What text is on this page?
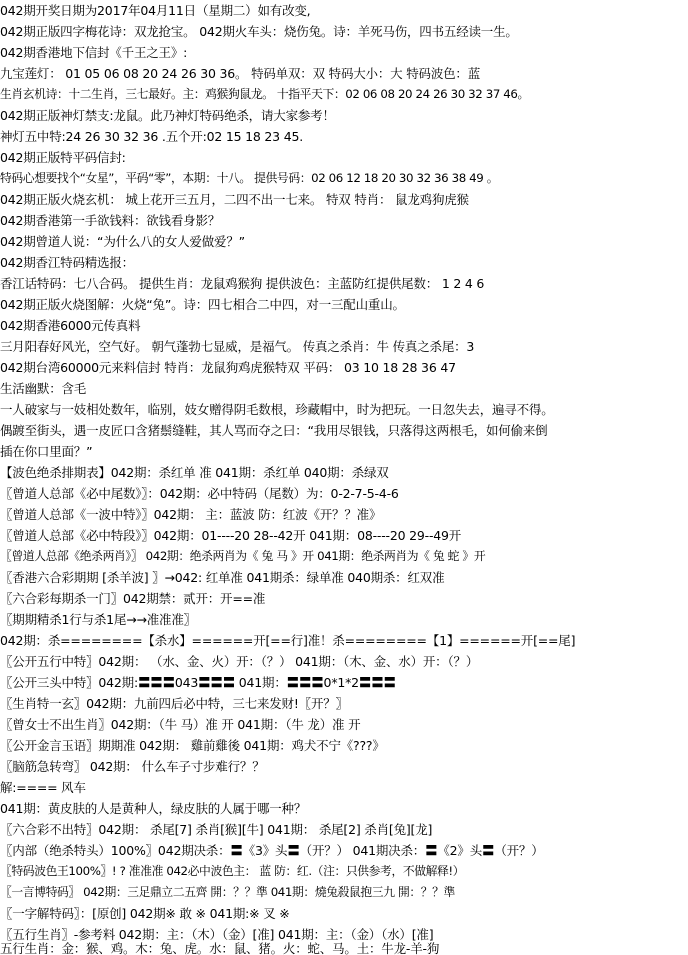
042期开奖日期为2017年04月11日（星期二）如有改变,
042期正版四字梅花诗：双龙抢宝。 042期火车头：烧伤兔。诗：羊死马伤，四书五经读一生。
042期香港地下信封《千王之王》:
九宝莲灯： 01 05 06 08 20 24 26 30 36。 特码单双：双 特码大小：大 特码波色：蓝
生肖玄机诗：十二生肖，三七最好。主：鸡猴狗鼠龙。 十指平天下：02 06 08 20 24 26 30 32 37 46。
042期正版神灯禁支:龙鼠。此乃神灯特码绝杀，请大家参考！
神灯五中特:24 26 30 32 36 .五个开:02 15 18 23 45.
042期正版特平码信封:
特码心想要找个“女星”，平码“零”，本期：十八。 提供号码：02 06 12 18 20 30 32 36 38 49 。
042期正版火烧玄机： 城上花开三五月，二四不出一七来。 特双 特肖： 鼠龙鸡狗虎猴
042期香港第一手欲钱料：欲钱看身影？
042期曾道人说：“为什么八的女人爱做爱？”
042期香江特码精选报：
香江话特码：七八合码。 提供生肖：龙鼠鸡猴狗 提供波色：主蓝防红提供尾数： 1 2 4 6
042期正版火烧图解：火烧“兔”。诗：四七相合二中四，对一三配山重山。
042期香港6000元传真料
三月阳春好风光，空气好。 朝气蓬勃七显威，是福气。 传真之杀肖：牛 传真之杀尾：3
042期台湾60000元来料信封 特肖：龙鼠狗鸡虎猴特双 平码： 03 10 18 28 36 47
生活幽默：含毛
一人破家与一妓相处数年，临别，妓女赠得阴毛数根，珍藏帽中，时为把玩。一日忽失去，遍寻不得。
偶踱至街头，遇一皮匠口含猪鬃缝鞋，其人骂而夺之曰：“我用尽银钱，只落得这两根毛，如何偷来倒
插在你口里面？”
【波色绝杀排期表】042期：杀红单 准 041期：杀红单 040期：杀绿双
〖曾道人总部《必中尾数》〗：042期：必中特码（尾数）为：0-2-7-5-4-6
〖曾道人总部《一波中特》〗042期： 主：蓝波 防：红波《开？？准》
〖曾道人总部《必中特段》〗042期：01----20 28--42开 041期：08----20 29--49开
〖曾道人总部《绝杀两肖》〗 042期：绝杀两肖为《 兔 马 》开 041期：绝杀两肖为《 兔 蛇 》开
〖香港六合彩期期 [杀羊波] 〗→042: 红单准 041期杀：绿单准 040期杀：红双准
〖六合彩每期杀一门〗042期禁：贰开：开==准
〖期期精杀1行与杀1尾→→准准准〗
042期：杀========【杀水】======开[==行]准！杀========【1】======开[==尾]
〖公开五行中特〗042期： （水、金、火）开：（？） 041期：（木、金、水）开：（？）
〖公开三头中特〗042期:〓〓〓043〓〓〓 041期：〓〓〓0*1*2〓〓〓
〖生肖特一玄〗042期：九前四后必中特，三七来发财!〖开？〗
〖曾女士不出生肖〗042期：（牛 马）准 开 041期：（牛 龙）准 开
〖公开金言玉语〗期期准 042期： 雞前雞後 041期：鸡犬不宁《???》
〖脑筋急转弯〗 042期： 什么车子寸步难行？？
解:==== 风车
041期：黄皮肤的人是黄种人，绿皮肤的人属于哪一种？
〖六合彩不出特〗042期： 杀尾[7] 杀肖[猴][牛] 041期： 杀尾[2] 杀肖[兔][龙]
〖内部（绝杀特头）100%〗042期决杀：〓《3》头〓（开？） 041期决杀：〓《2》头〓（开？）
〖特码波色王100%〗! ? 准准准 042必中波色主： 蓝 防：红.（注：只供参考，不做解释!）
〖一言博特码〗 042期：三足鼎立二五齊 開：？？準 041期：燒兔殺鼠抱三九 開：？？準
〖一字解特码〗：[原创] 042期※ 敢 ※ 041期:※ 叉 ※
〖五行生肖〗-参考料 042期：主：（木）（金）[准] 041期：主：（金）（水）[准]
五行生肖：金：猴、鸡。木：兔、虎。水：鼠、猪。火：蛇、马。土：牛龙-羊-狗
